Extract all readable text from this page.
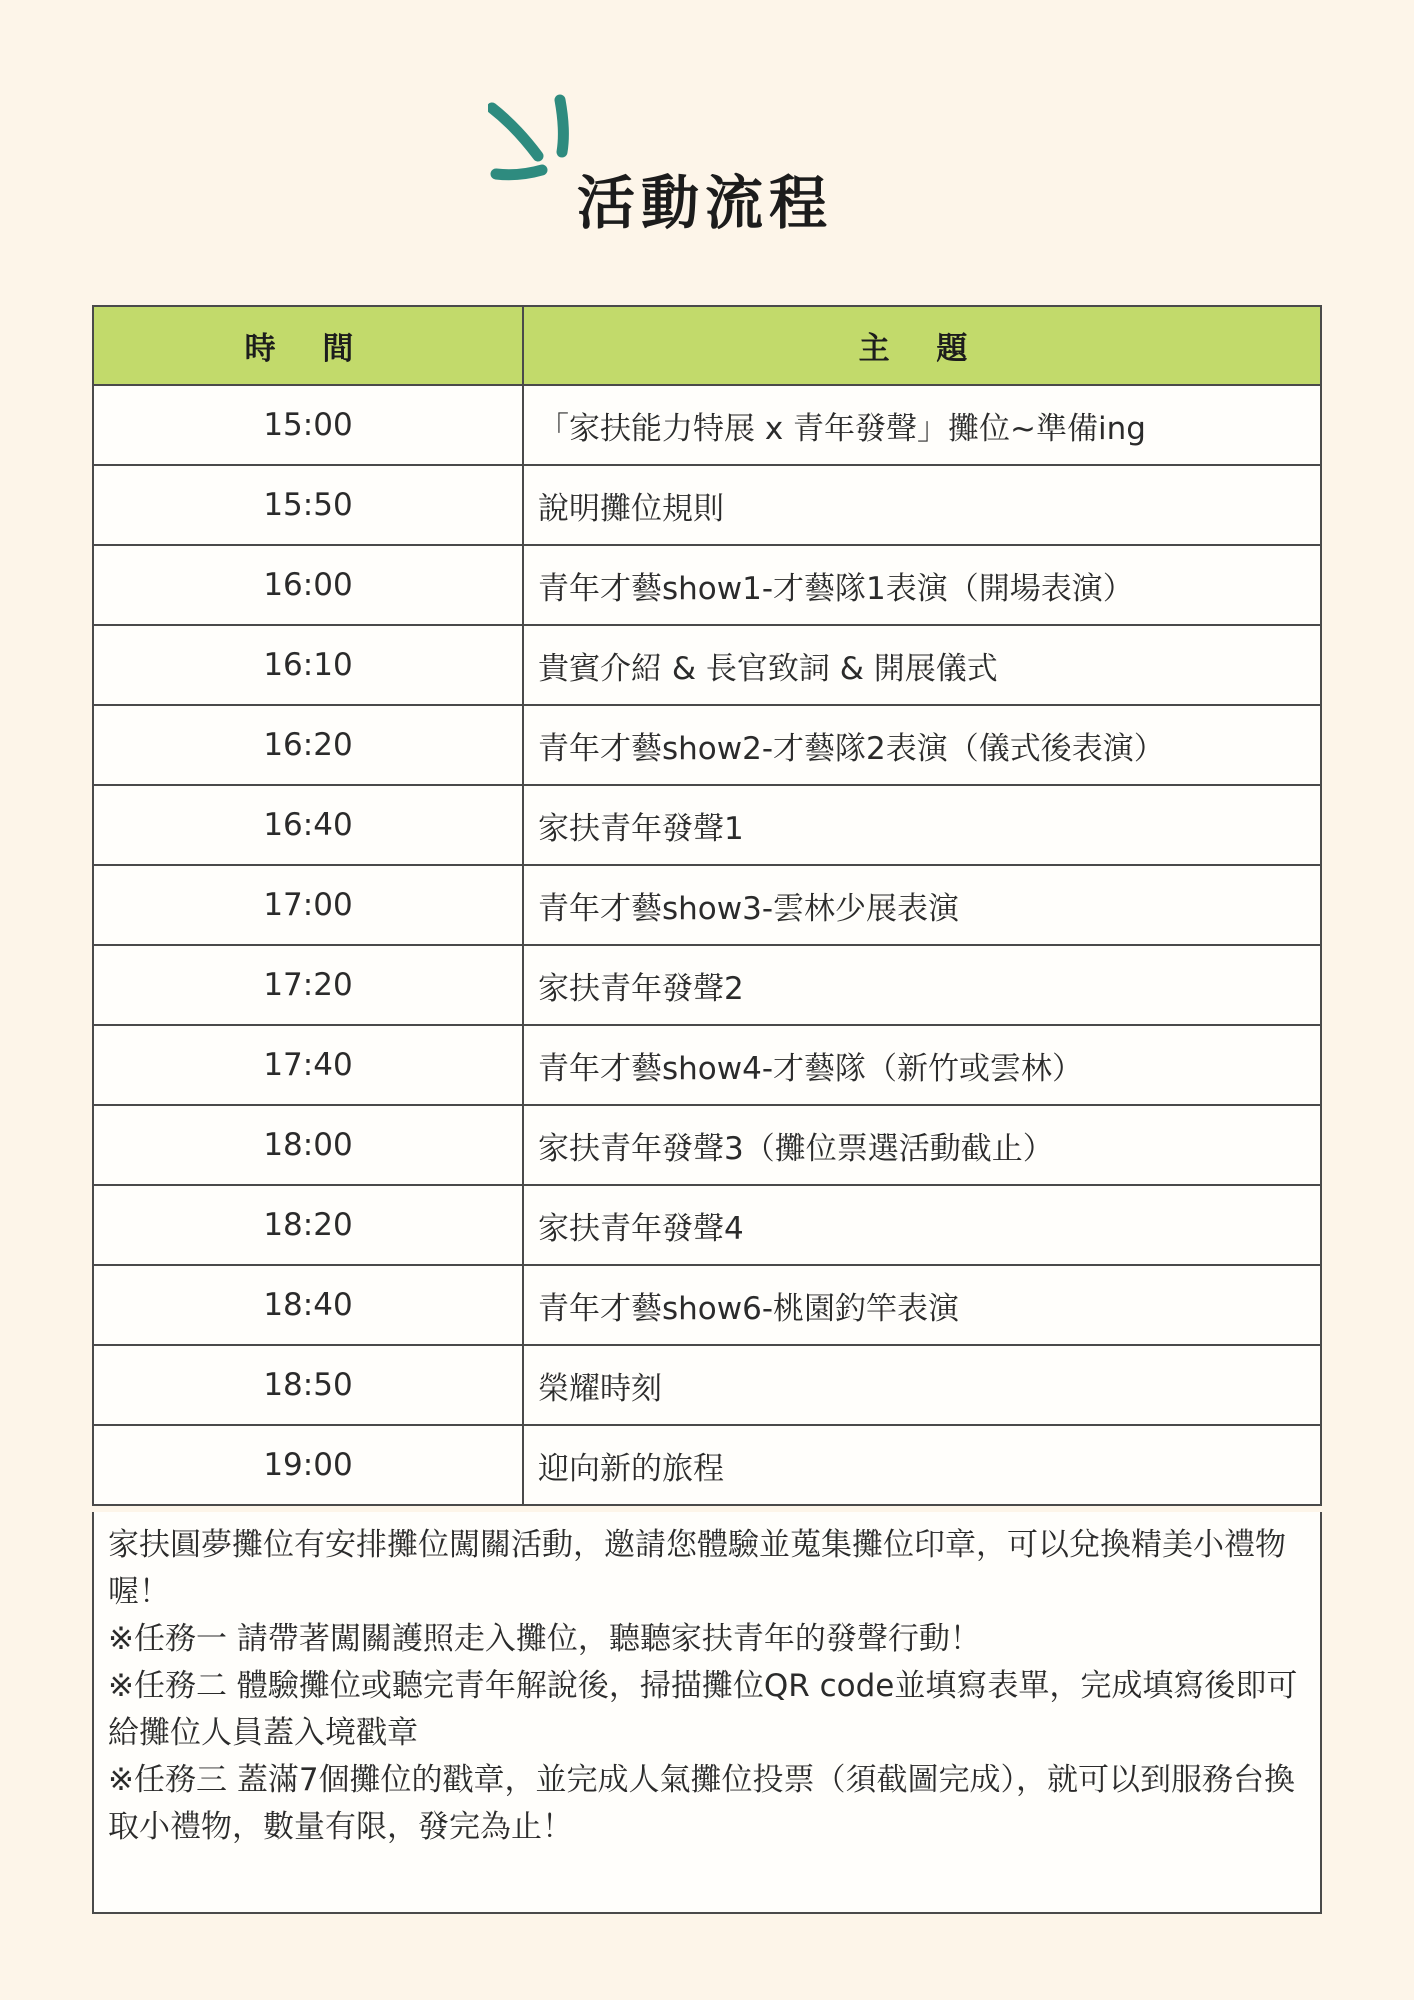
活動流程
時 間	主 題
15:00	「家扶能力特展 x 青年發聲」攤位~準備ing
15:50	說明攤位規則
16:00	青年才藝show1-才藝隊1表演（開場表演）
16:10	貴賓介紹 & 長官致詞 & 開展儀式
16:20	青年才藝show2-才藝隊2表演（儀式後表演）
16:40	家扶青年發聲1
17:00	青年才藝show3-雲林少展表演
17:20	家扶青年發聲2
17:40	青年才藝show4-才藝隊（新竹或雲林）
18:00	家扶青年發聲3（攤位票選活動截止）
18:20	家扶青年發聲4
18:40	青年才藝show6-桃園釣竿表演
18:50	榮耀時刻
19:00	迎向新的旅程

家扶圓夢攤位有安排攤位闖關活動，邀請您體驗並蒐集攤位印章，可以兌換精美小禮物喔！

※任務一 請帶著闖關護照走入攤位，聽聽家扶青年的發聲行動！

※任務二 體驗攤位或聽完青年解說後，掃描攤位QR code並填寫表單，完成填寫後即可給攤位人員蓋入境戳章

※任務三 蓋滿7個攤位的戳章，並完成人氣攤位投票（須截圖完成），就可以到服務台換取小禮物，數量有限，發完為止！
